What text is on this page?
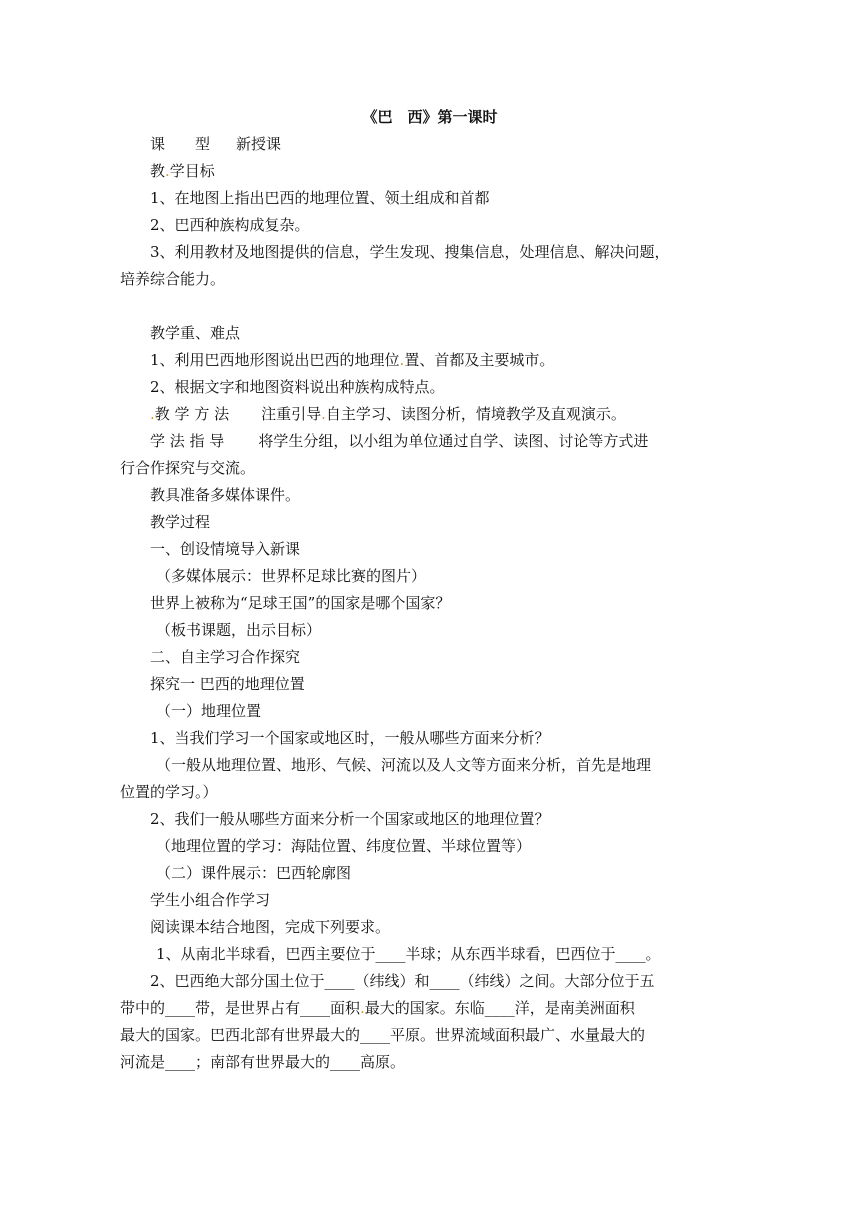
《巴　西》第一课时
课　　型 新授课
教.学目标
1、在地图上指出巴西的地理位置、领土组成和首都
2、巴西种族构成复杂。
3、利用教材及地图提供的信息，学生发现、搜集信息，处理信息、解决问题，
培养综合能力。
教学重、难点
1、利用巴西地形图说出巴西的地理位.置、首都及主要城市。
2、根据文字和地图资料说出种族构成特点。
.教 学 方 法 注重引导.自主学习、读图分析，情境教学及直观演示。
学 法 指 导 将学生分组，以小组为单位通过自学、读图、讨论等方式进
行合作探究与交流。
教具准备多媒体课件。
教学过程
一、创设情境导入新课
（多媒体展示：世界杯足球比赛的图片）
世界上被称为“足球王国”的国家是哪个国家？
（板书课题，出示目标）
二、自主学习合作探究
探究一 巴西的地理位置
（一）地理位置
1、当我们学习一个国家或地区时，一般从哪些方面来分析？
（一般从地理位置、地形、气候、河流以及人文等方面来分析，首先是地理
位置的学习。）
2、我们一般从哪些方面来分析一个国家或地区的地理位置？
（地理位置的学习：海陆位置、纬度位置、半球位置等）
（二）课件展示：巴西轮廓图
学生小组合作学习
阅读课本结合地图，完成下列要求。
1、从南北半球看，巴西主要位于____半球；从东西半球看，巴西位于____。
2、巴西绝大部分国土位于____（纬线）和____（纬线）之间。大部分位于五
带中的____带，是世界占有____面积.最大的国家。东临____洋，是南美洲面积
最大的国家。巴西北部有世界最大的____平原。世界流域面积最广、水量最大的
河流是____；南部有世界最大的____高原。
